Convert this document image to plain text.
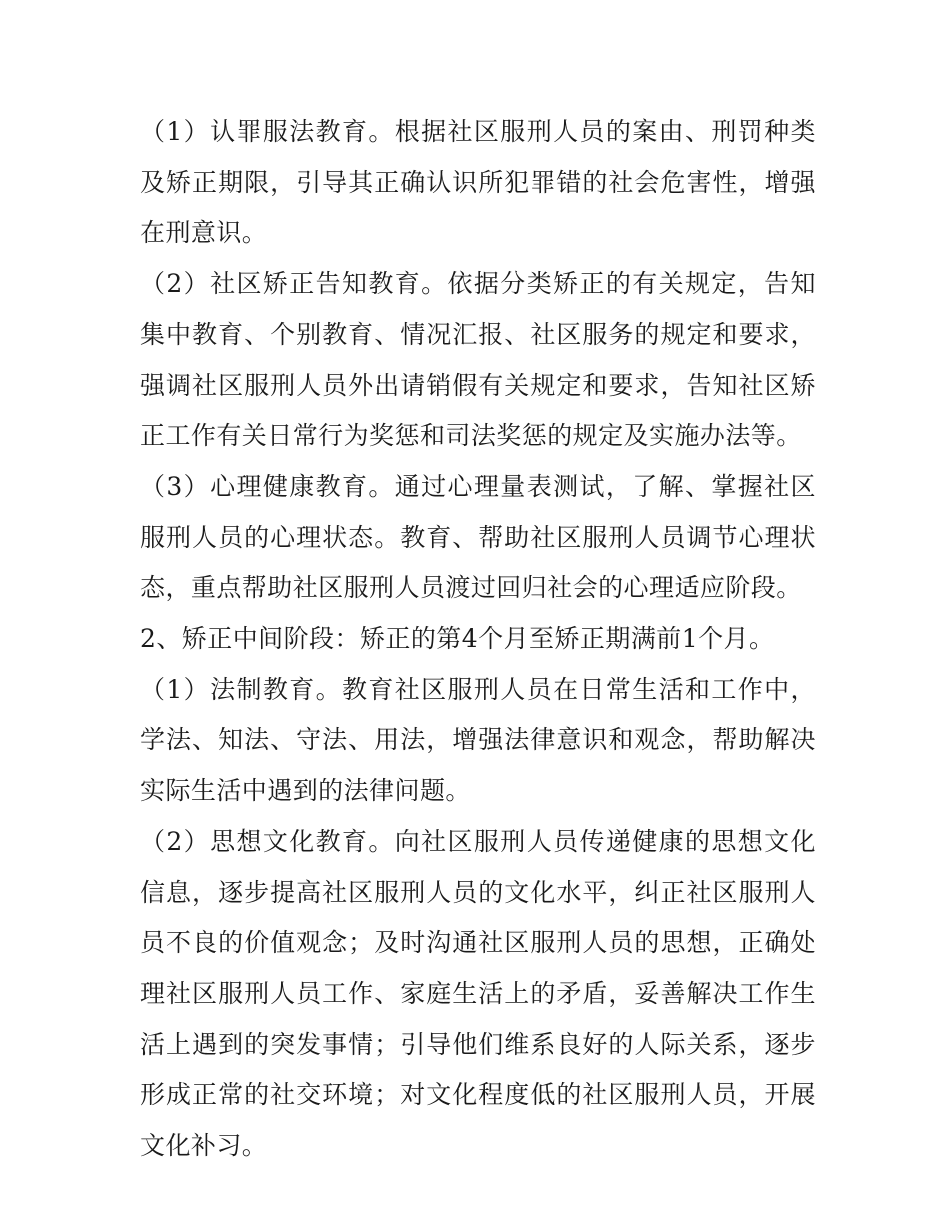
（1）认罪服法教育。根据社区服刑人员的案由、刑罚种类及矫正期限，引导其正确认识所犯罪错的社会危害性，增强在刑意识。

（2）社区矫正告知教育。依据分类矫正的有关规定，告知集中教育、个别教育、情况汇报、社区服务的规定和要求，强调社区服刑人员外出请销假有关规定和要求，告知社区矫正工作有关日常行为奖惩和司法奖惩的规定及实施办法等。

（3）心理健康教育。通过心理量表测试，了解、掌握社区服刑人员的心理状态。教育、帮助社区服刑人员调节心理状态，重点帮助社区服刑人员渡过回归社会的心理适应阶段。

2、矫正中间阶段：矫正的第4个月至矫正期满前1个月。

（1）法制教育。教育社区服刑人员在日常生活和工作中，学法、知法、守法、用法，增强法律意识和观念，帮助解决实际生活中遇到的法律问题。

（2）思想文化教育。向社区服刑人员传递健康的思想文化信息，逐步提高社区服刑人员的文化水平，纠正社区服刑人员不良的价值观念；及时沟通社区服刑人员的思想，正确处理社区服刑人员工作、家庭生活上的矛盾，妥善解决工作生活上遇到的突发事情；引导他们维系良好的人际关系，逐步形成正常的社交环境；对文化程度低的社区服刑人员，开展文化补习。
